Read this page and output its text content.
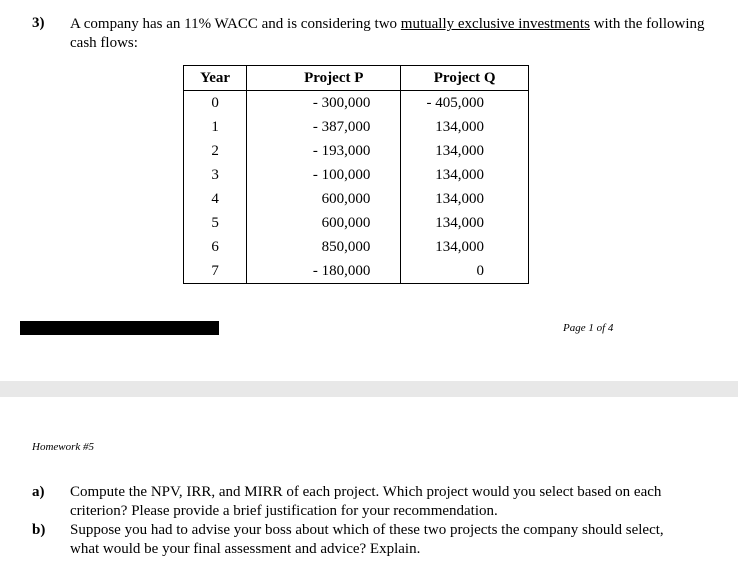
3) A company has an 11% WACC and is considering two mutually exclusive investments with the following cash flows:
Year	Project P	Project Q
0	- 300,000	- 405,000
1	- 387,000	134,000
2	- 193,000	134,000
3	- 100,000	134,000
4	600,000	134,000
5	600,000	134,000
6	850,000	134,000
7	- 180,000	0
Page 1 of 4
Homework #5
a) Compute the NPV, IRR, and MIRR of each project. Which project would you select based on each criterion? Please provide a brief justification for your recommendation.
b) Suppose you had to advise your boss about which of these two projects the company should select, what would be your final assessment and advice? Explain.
